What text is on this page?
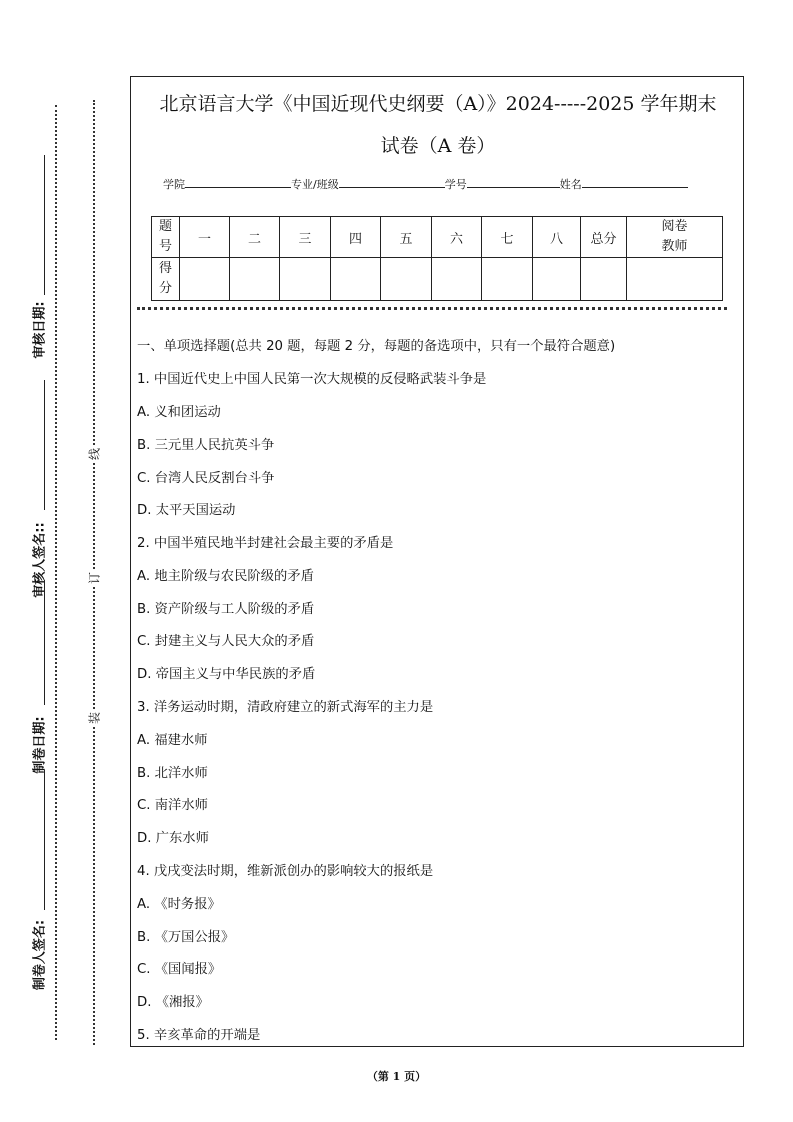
审核日期:
审核人签名::
制卷日期:
制卷人签名:
线
订
装
北京语言大学《中国近现代史纲要（A）》2024-----2025 学年期末
试卷（A 卷）
学院	专业/班级	学号	姓名
题
号	一	二	三	四	五	六	七	八	总分	阅卷
教师

得
分										

一、单项选择题(总共 20 题，每题 2 分，每题的备选项中，只有一个最符合题意)
1. 中国近代史上中国人民第一次大规模的反侵略武装斗争是
A. 义和团运动
B. 三元里人民抗英斗争
C. 台湾人民反割台斗争
D. 太平天国运动
2. 中国半殖民地半封建社会最主要的矛盾是
A. 地主阶级与农民阶级的矛盾
B. 资产阶级与工人阶级的矛盾
C. 封建主义与人民大众的矛盾
D. 帝国主义与中华民族的矛盾
3. 洋务运动时期，清政府建立的新式海军的主力是
A. 福建水师
B. 北洋水师
C. 南洋水师
D. 广东水师
4. 戊戌变法时期，维新派创办的影响较大的报纸是
A. 《时务报》
B. 《万国公报》
C. 《国闻报》
D. 《湘报》
5. 辛亥革命的开端是
（第 1 页）
